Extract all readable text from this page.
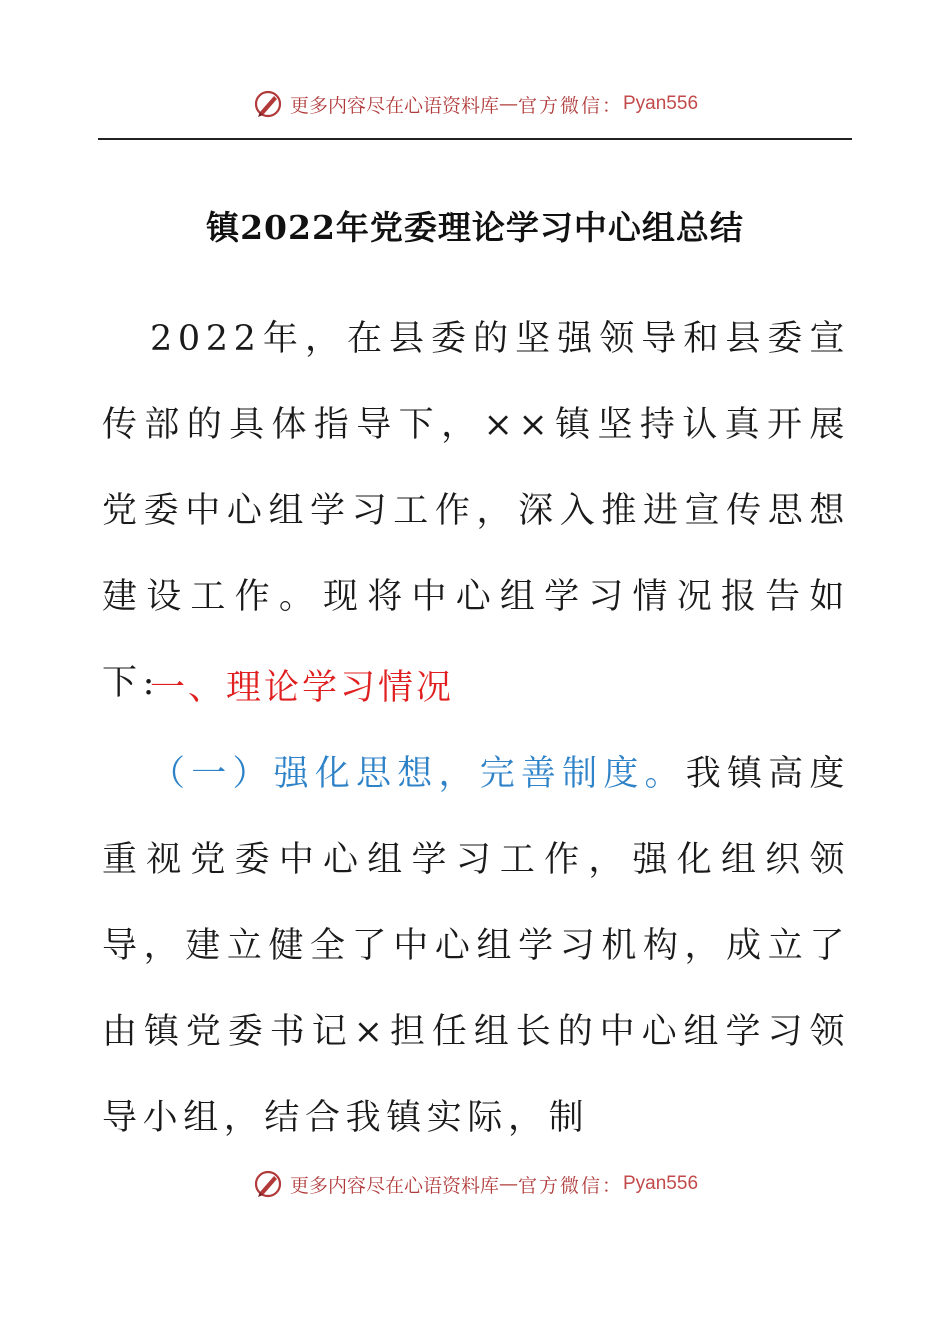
更多内容尽在心语资料库 — 官方微信： Pyan556
镇2022年党委理论学习中心组总结
2022年，在县委的坚强领导和县委宣传部的具体指导下，××镇坚持认真开展党委中心组学习工作，深入推进宣传思想建设工作。现将中心组学习情况报告如下:
一、理论学习情况
（一）强化思想，完善制度。我镇高度重视党委中心组学习工作，强化组织领导，建立健全了中心组学习机构，成立了由镇党委书记×担任组长的中心组学习领导小组，结合我镇实际，制
更多内容尽在心语资料库 — 官方微信： Pyan556
